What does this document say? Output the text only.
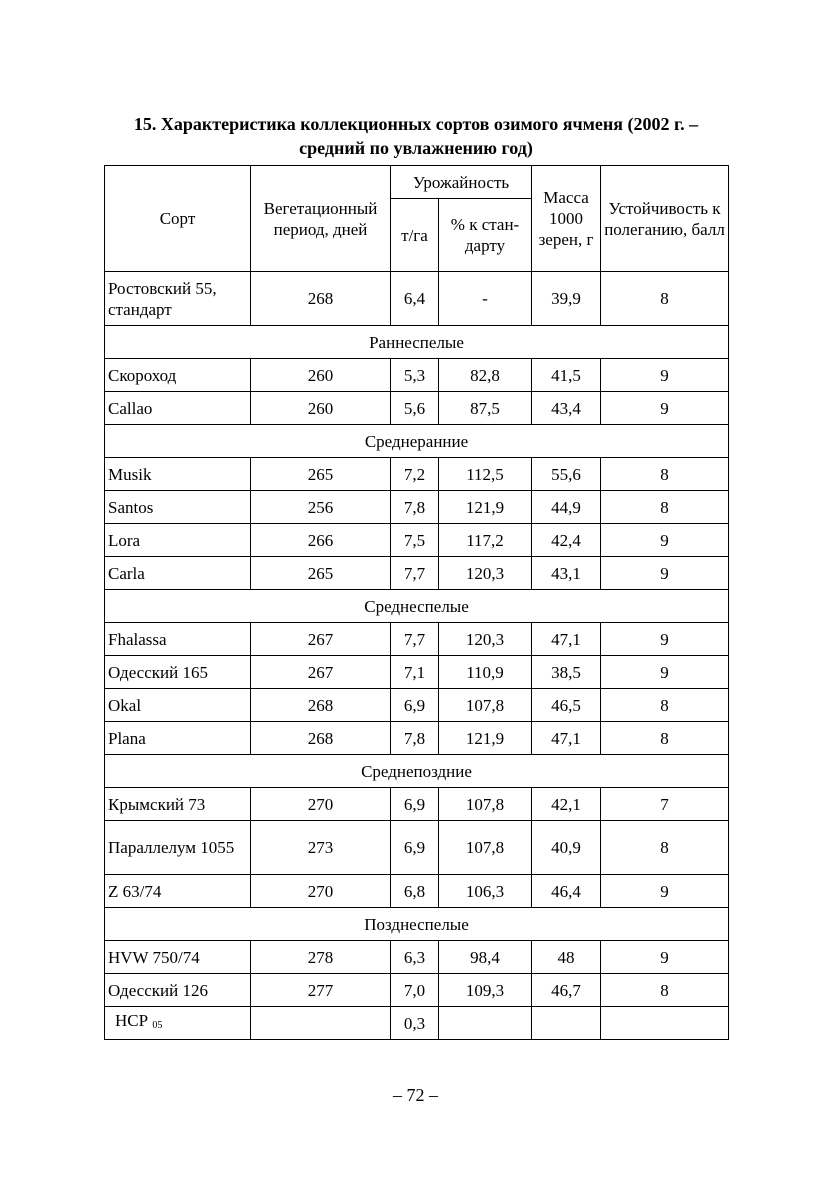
15. Характеристика коллекционных сортов озимого ячменя (2002 г. –
средний по увлажнению год)
Сорт	Вегетационный период, дней	Урожайность		Масса 1000 зерен, г	Устойчивость к полеганию, балл
		т/га	% к стан-дарту		
Ростовский 55, стандарт	268	6,4	-	39,9	8
Раннеспелые					
Скороход	260	5,3	82,8	41,5	9
Callao	260	5,6	87,5	43,4	9
Среднеранние					
Musik	265	7,2	112,5	55,6	8
Santos	256	7,8	121,9	44,9	8
Lora	266	7,5	117,2	42,4	9
Carla	265	7,7	120,3	43,1	9
Среднеспелые					
Fhalassa	267	7,7	120,3	47,1	9
Одесский 165	267	7,1	110,9	38,5	9
Okal	268	6,9	107,8	46,5	8
Plana	268	7,8	121,9	47,1	8
Среднепоздние					
Крымский 73	270	6,9	107,8	42,1	7
Параллелум 1055	273	6,9	107,8	40,9	8
Z 63/74	270	6,8	106,3	46,4	9
Позднеспелые					
HVW 750/74	278	6,3	98,4	48	9
Одесский 126	277	7,0	109,3	46,7	8
НСР $_{05}$		0,3			
– 72 –
